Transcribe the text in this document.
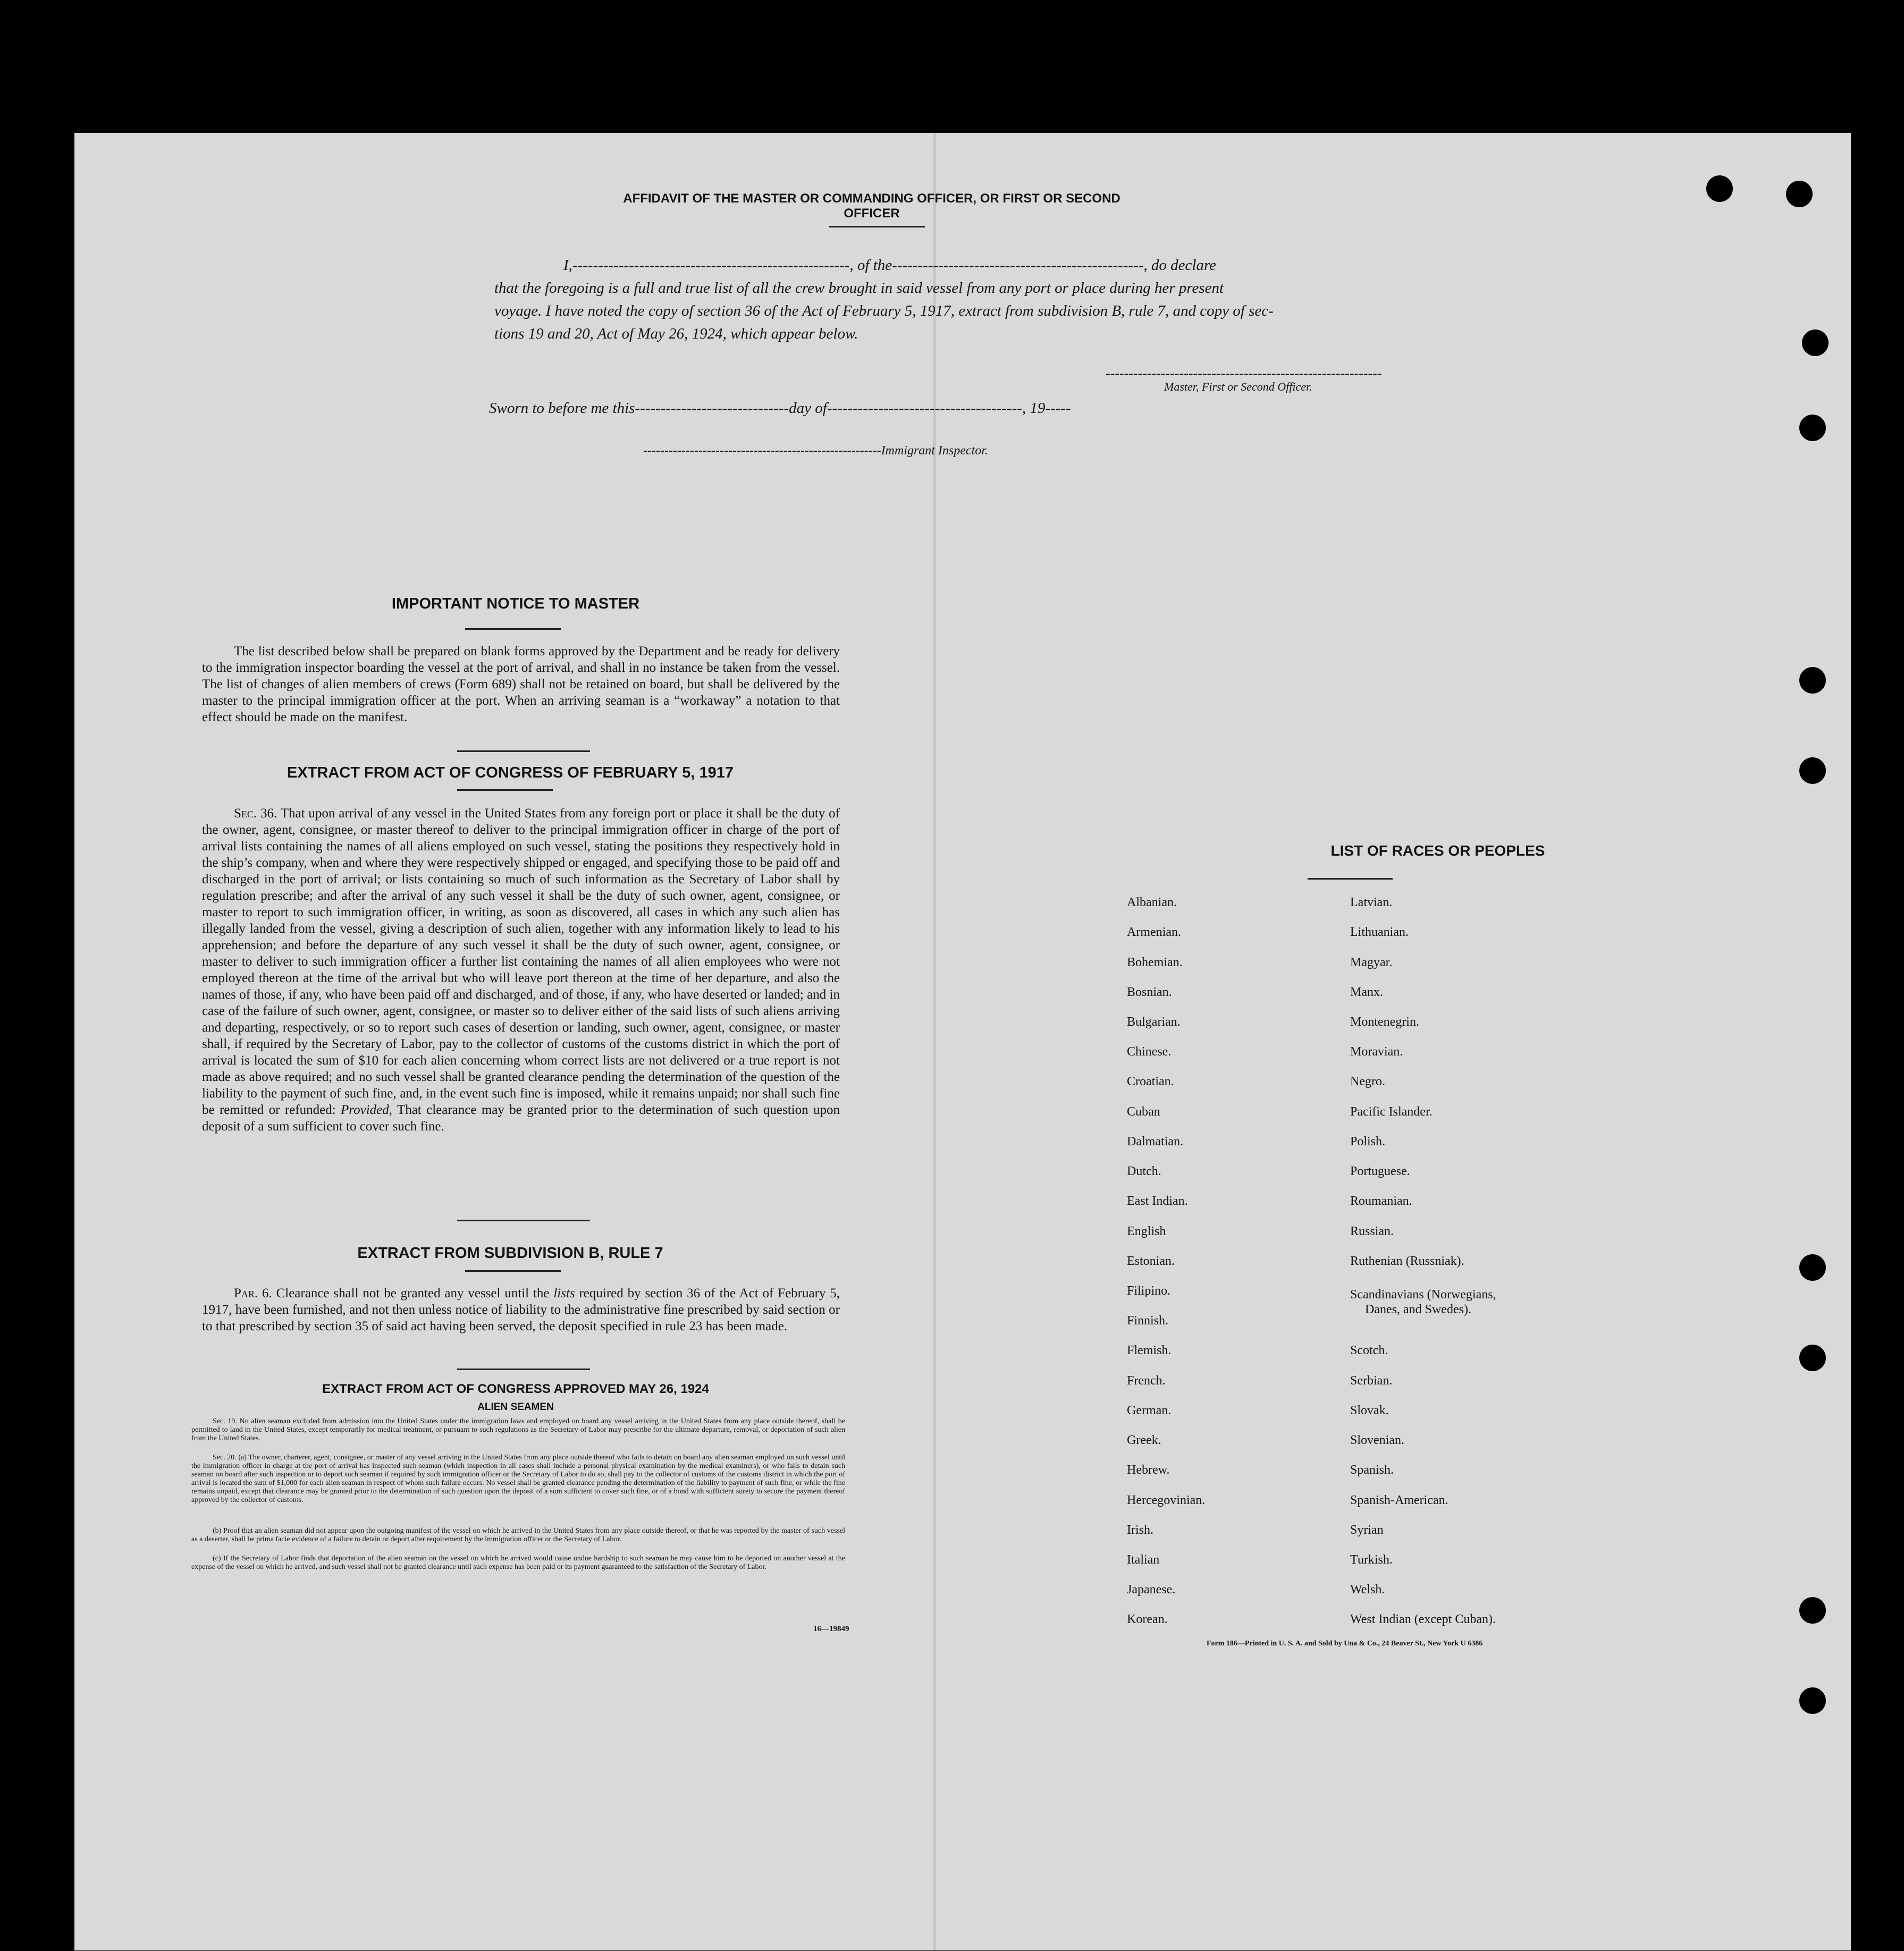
AFFIDAVIT OF THE MASTER OR COMMANDING OFFICER, OR FIRST OR SECOND OFFICER
I,------------------------------------------------------, of the-------------------------------------------------, do declare
that the foregoing is a full and true list of all the crew brought in said vessel from any port or place during her present
voyage. I have noted the copy of section 36 of the Act of February 5, 1917, extract from subdivision B, rule 7, and copy of sec-
tions 19 and 20, Act of May 26, 1924, which appear below.
------------------------------------------------------------
Master, First or Second Officer.
Sworn to before me this------------------------------day of--------------------------------------, 19-----
--------------------------------------------------------Immigrant Inspector.
IMPORTANT NOTICE TO MASTER
The list described below shall be prepared on blank forms approved by the Department and be ready for delivery to the immigration inspector boarding the vessel at the port of arrival, and shall in no instance be taken from the vessel. The list of changes of alien members of crews (Form 689) shall not be retained on board, but shall be delivered by the master to the principal immigration officer at the port. When an arriving seaman is a “workaway” a notation to that effect should be made on the manifest.
EXTRACT FROM ACT OF CONGRESS OF FEBRUARY 5, 1917
Sec. 36. That upon arrival of any vessel in the United States from any foreign port or place it shall be the duty of the owner, agent, consignee, or master thereof to deliver to the principal immigration officer in charge of the port of arrival lists containing the names of all aliens employed on such vessel, stating the positions they respectively hold in the ship’s company, when and where they were respectively shipped or engaged, and specifying those to be paid off and discharged in the port of arrival; or lists containing so much of such information as the Secretary of Labor shall by regulation prescribe; and after the arrival of any such vessel it shall be the duty of such owner, agent, consignee, or master to report to such immigration officer, in writing, as soon as discovered, all cases in which any such alien has illegally landed from the vessel, giving a description of such alien, together with any information likely to lead to his apprehension; and before the departure of any such vessel it shall be the duty of such owner, agent, consignee, or master to deliver to such immigration officer a further list containing the names of all alien employees who were not employed thereon at the time of the arrival but who will leave port thereon at the time of her departure, and also the names of those, if any, who have been paid off and discharged, and of those, if any, who have deserted or landed; and in case of the failure of such owner, agent, consignee, or master so to deliver either of the said lists of such aliens arriving and departing, respectively, or so to report such cases of desertion or landing, such owner, agent, consignee, or master shall, if required by the Secretary of Labor, pay to the collector of customs of the customs district in which the port of arrival is located the sum of $10 for each alien concerning whom correct lists are not delivered or a true report is not made as above required; and no such vessel shall be granted clearance pending the determination of the question of the liability to the payment of such fine, and, in the event such fine is imposed, while it remains unpaid; nor shall such fine be remitted or refunded: Provided, That clearance may be granted prior to the determination of such question upon deposit of a sum sufficient to cover such fine.
EXTRACT FROM SUBDIVISION B, RULE 7
Par. 6. Clearance shall not be granted any vessel until the lists required by section 36 of the Act of February 5, 1917, have been furnished, and not then unless notice of liability to the administrative fine prescribed by said section or to that prescribed by section 35 of said act having been served, the deposit specified in rule 23 has been made.
EXTRACT FROM ACT OF CONGRESS APPROVED MAY 26, 1924
ALIEN SEAMEN
Sec. 19. No alien seaman excluded from admission into the United States under the immigration laws and employed on board any vessel arriving in the United States from any place outside thereof, shall be permitted to land in the United States, except temporarily for medical treatment, or pursuant to such regulations as the Secretary of Labor may prescribe for the ultimate departure, removal, or deportation of such alien from the United States.
Sec. 20. (a) The owner, charterer, agent, consignee, or master of any vessel arriving in the United States from any place outside thereof who fails to detain on board any alien seaman employed on such vessel until the immigration officer in charge at the port of arrival has inspected such seaman (which inspection in all cases shall include a personal physical examination by the medical examiners), or who fails to detain such seaman on board after such inspection or to deport such seaman if required by such immigration officer or the Secretary of Labor to do so, shall pay to the collector of customs of the customs district in which the port of arrival is located the sum of $1,000 for each alien seaman in respect of whom such failure occurs. No vessel shall be granted clearance pending the determination of the liability to payment of such fine, or while the fine remains unpaid, except that clearance may be granted prior to the determination of such question upon the deposit of a sum sufficient to cover such fine, or of a bond with sufficient surety to secure the payment thereof approved by the collector of customs.
(b) Proof that an alien seaman did not appear upon the outgoing manifest of the vessel on which he arrived in the United States from any place outside thereof, or that he was reported by the master of such vessel as a deserter, shall be prima facie evidence of a failure to detain or deport after requirement by the immigration officer or the Secretary of Labor.
(c) If the Secretary of Labor finds that deportation of the alien seaman on the vessel on which he arrived would cause undue hardship to such seaman he may cause him to be deported on another vessel at the expense of the vessel on which he arrived, and such vessel shall not be granted clearance until such expense has been paid or its payment guaranteed to the satisfaction of the Secretary of Labor.
16—19849
LIST OF RACES OR PEOPLES
Albanian.
Armenian.
Bohemian.
Bosnian.
Bulgarian.
Chinese.
Croatian.
Cuban
Dalmatian.
Dutch.
East Indian.
English
Estonian.
Filipino.
Finnish.
Flemish.
French.
German.
Greek.
Hebrew.
Hercegovinian.
Irish.
Italian
Japanese.
Korean.
Latvian.
Lithuanian.
Magyar.
Manx.
Montenegrin.
Moravian.
Negro.
Pacific Islander.
Polish.
Portuguese.
Roumanian.
Russian.
Ruthenian (Russniak).
Scandinavians (Norwegians,
Danes, and Swedes).
Scotch.
Serbian.
Slovak.
Slovenian.
Spanish.
Spanish-American.
Syrian
Turkish.
Welsh.
West Indian (except Cuban).
Form 186—Printed in U. S. A. and Sold by Una & Co., 24 Beaver St., New York U 6386
